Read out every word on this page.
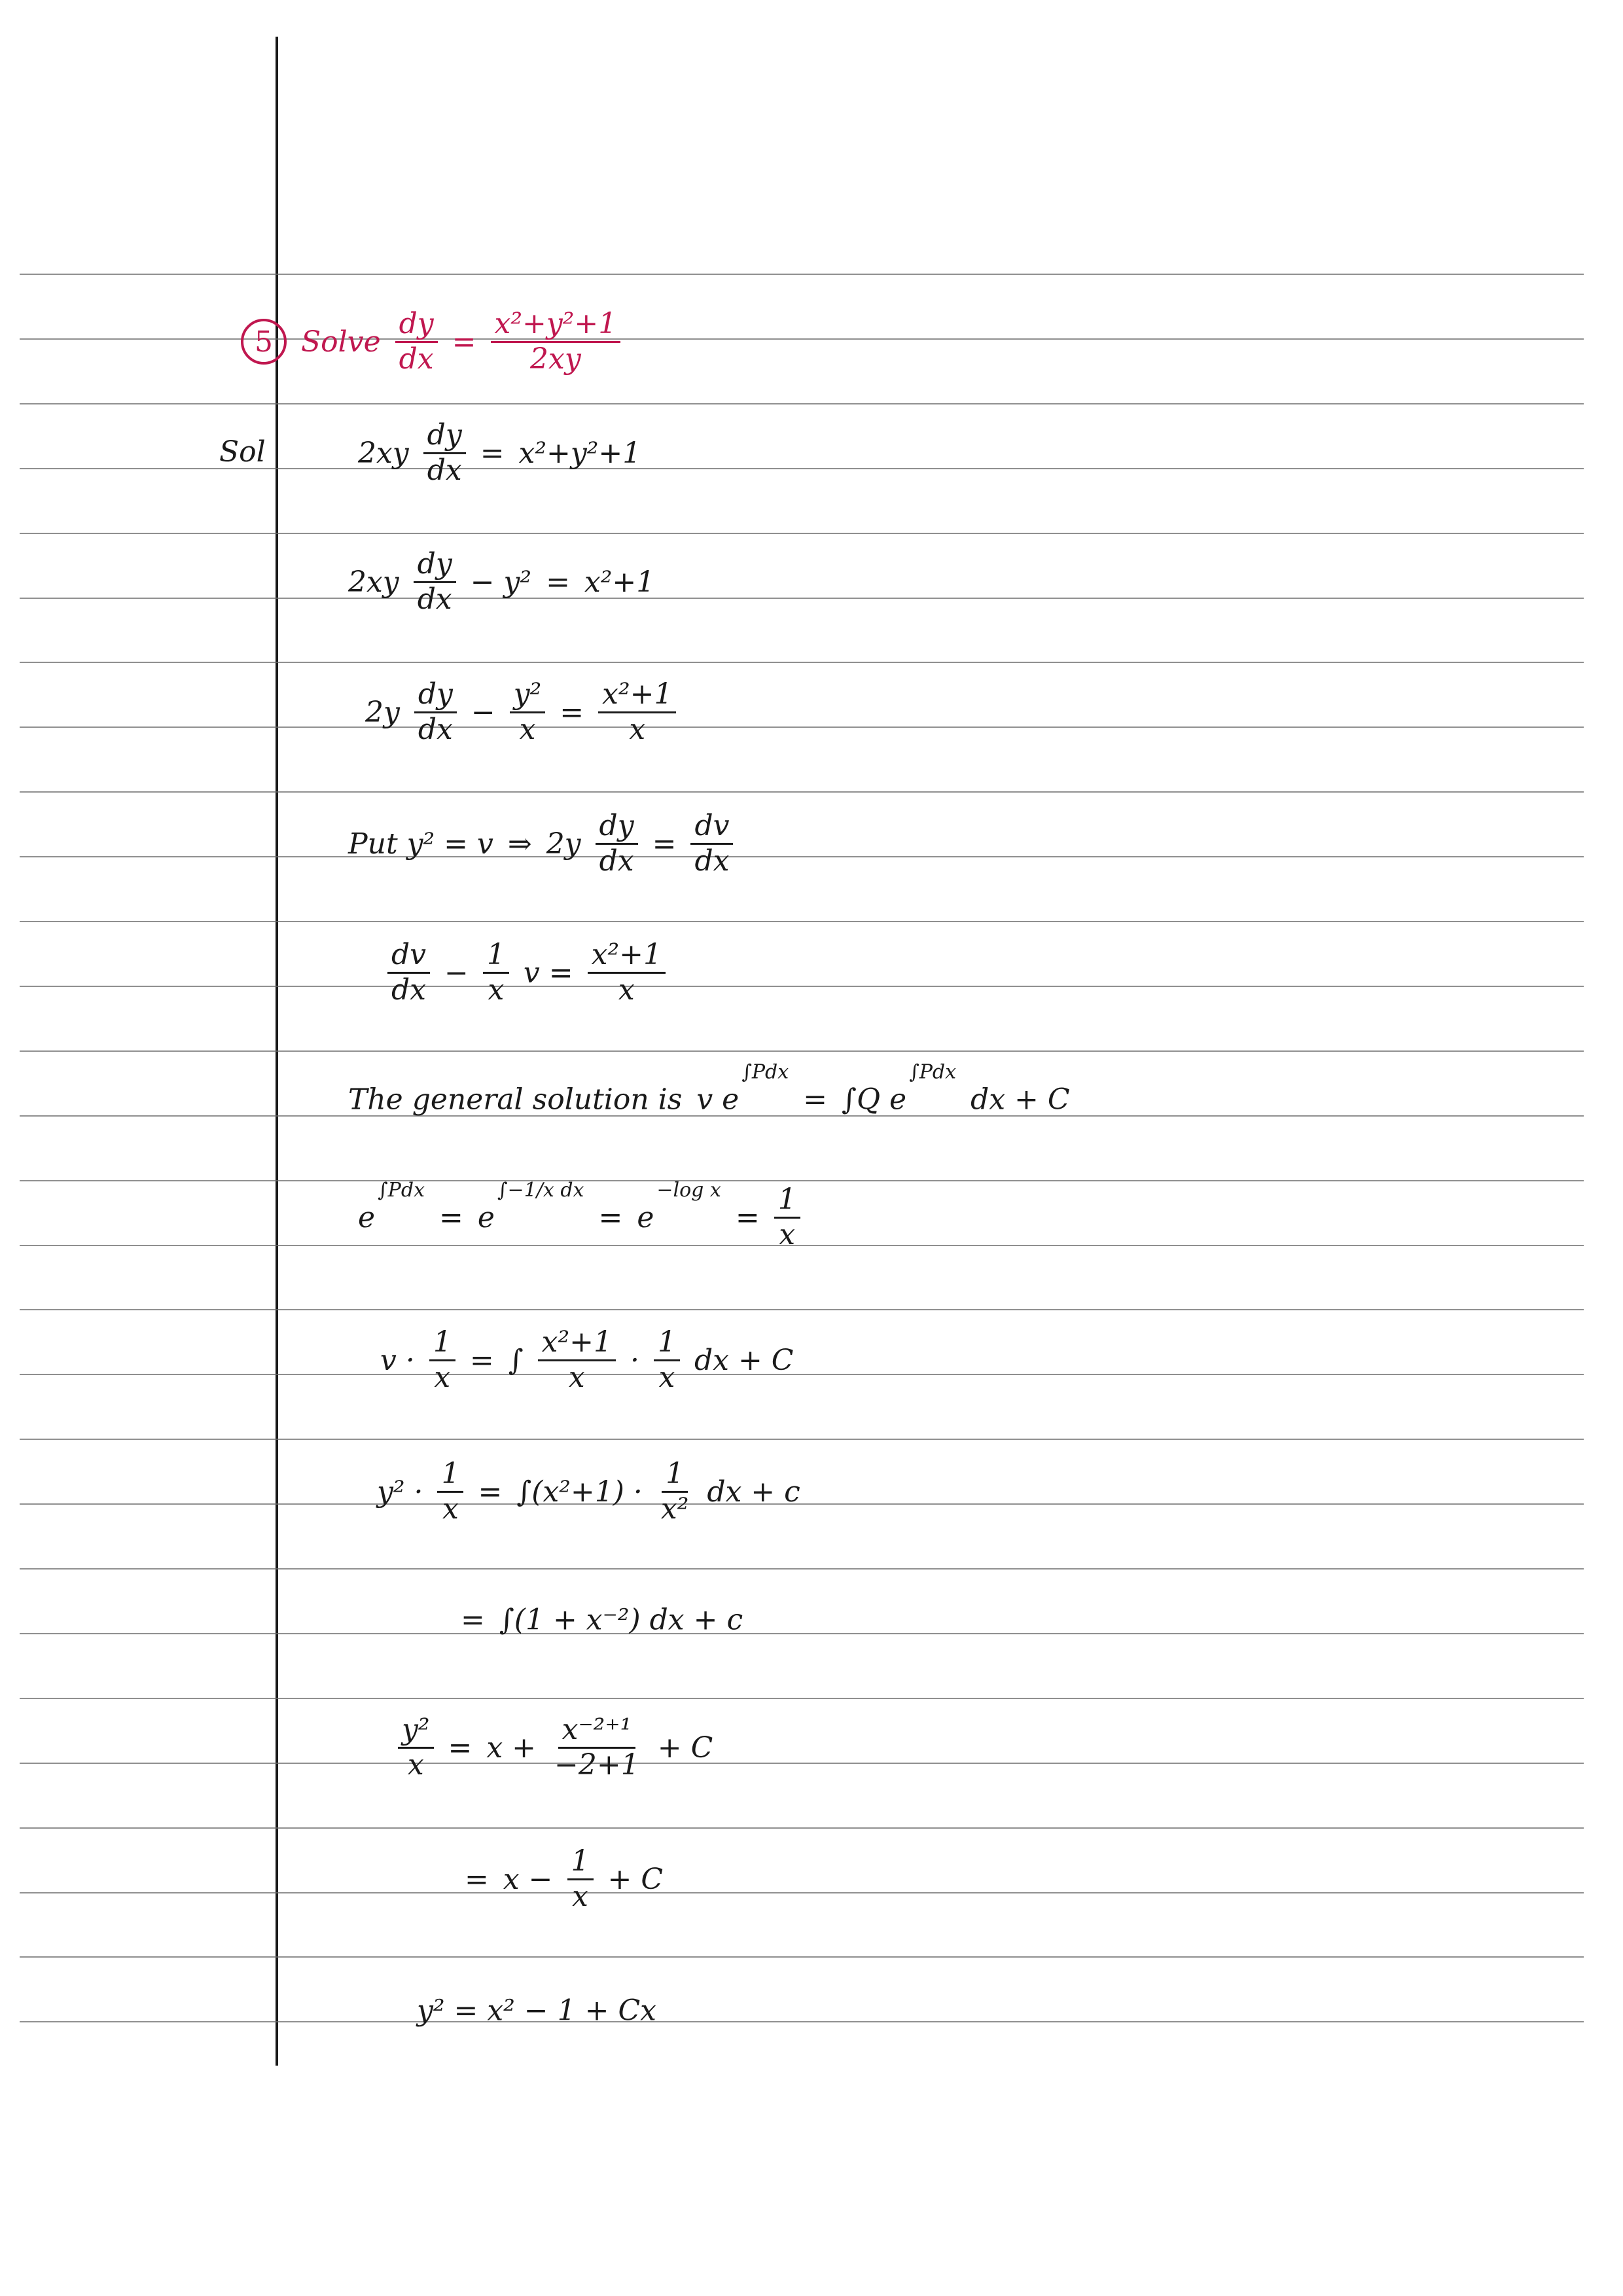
Sol
5 Solve $\frac{dy}{dx} = \frac{\text{x²+y²+1}}{2xy}$
$2xy \frac{dy}{dx} = x^2+y^2+1$
$2xy \frac{dy}{dx} - y^2 = x^2+1$
$2y \frac{dy}{dx} - \frac{\text{y²}}{x} = \frac{\text{x²+1}}{x}$
Put y² = v ⇒ $2y \frac{dy}{dx} = \frac{dv}{dx}$
$\frac{dv}{dx} - \frac{1}{x}$ $v = \frac{\text{x²+1}}{x}$
The general solution is v e
∫Pdx
= ∫Q e
∫Pdx
dx + C
e
∫Pdx
= e
∫−1/x dx
= e
−log x
= $\frac{1}{x}$
$v \cdot \frac{1}{x}$ = ∫ $\frac{\text{x²+1}}{x} \cdot \frac{1}{x}$ dx + C
$y^2 \cdot \frac{1}{x} = \int(x^2+1) \cdot \frac{1}{\text{x²}}$ dx + c
= ∫(1 + x⁻²) dx + c
$\frac{\text{y²}}{x} = x + \frac{\text{x⁻²⁺¹}}{-2+1} + C$
= $x - \frac{1}{x} + C$
y² = x² − 1 + Cx
